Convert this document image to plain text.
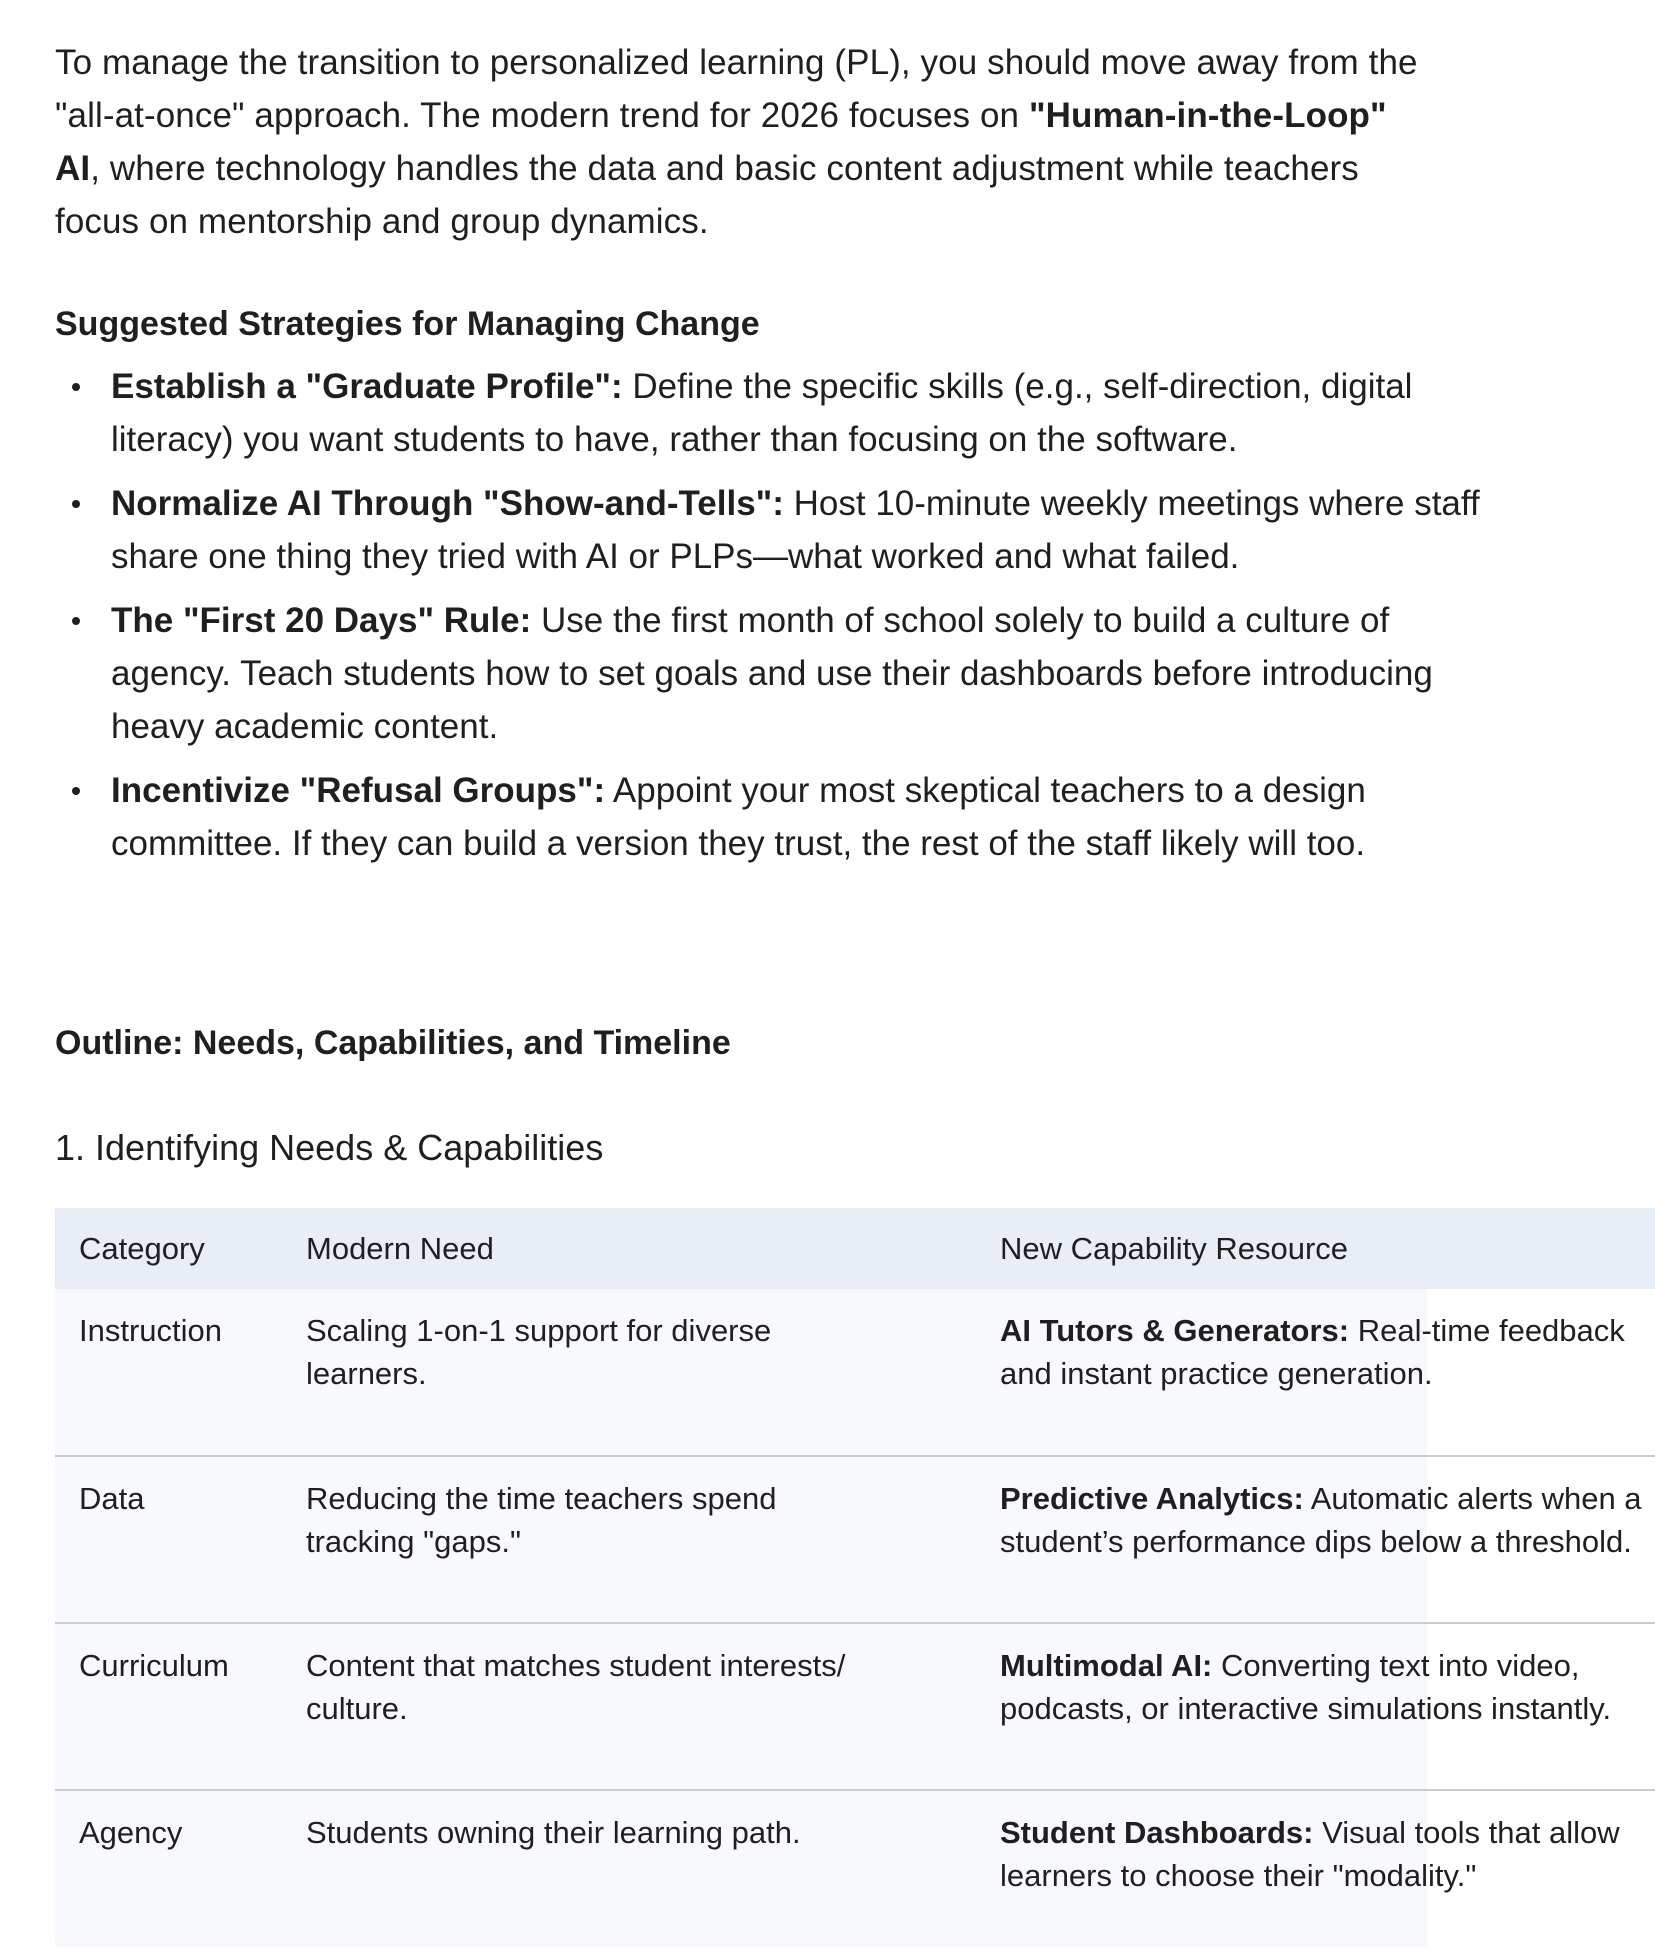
To manage the transition to personalized learning (PL), you should move away from the "all-at-once" approach. The modern trend for 2026 focuses on "Human-in-the-Loop" AI, where technology handles the data and basic content adjustment while teachers focus on mentorship and group dynamics.

Suggested Strategies for Managing Change
Establish a "Graduate Profile": Define the specific skills (e.g., self-direction, digital literacy) you want students to have, rather than focusing on the software.
Normalize AI Through "Show-and-Tells": Host 10-minute weekly meetings where staff share one thing they tried with AI or PLPs—what worked and what failed.
The "First 20 Days" Rule: Use the first month of school solely to build a culture of agency. Teach students how to set goals and use their dashboards before introducing heavy academic content.
Incentivize "Refusal Groups": Appoint your most skeptical teachers to a design committee. If they can build a version they trust, the rest of the staff likely will too.
Outline: Needs, Capabilities, and Timeline
1. Identifying Needs & Capabilities
Category	Modern Need	New Capability Resource
Instruction	Scaling 1-on-1 support for diverse learners.	AI Tutors & Generators: Real-time feedback and instant practice generation.
Data	Reducing the time teachers spend tracking "gaps."	Predictive Analytics: Automatic alerts when a student’s performance dips below a threshold.
Curriculum	Content that matches student interests/ culture.	Multimodal AI: Converting text into video, podcasts, or interactive simulations instantly.
Agency	Students owning their learning path.	Student Dashboards: Visual tools that allow learners to choose their "modality."
